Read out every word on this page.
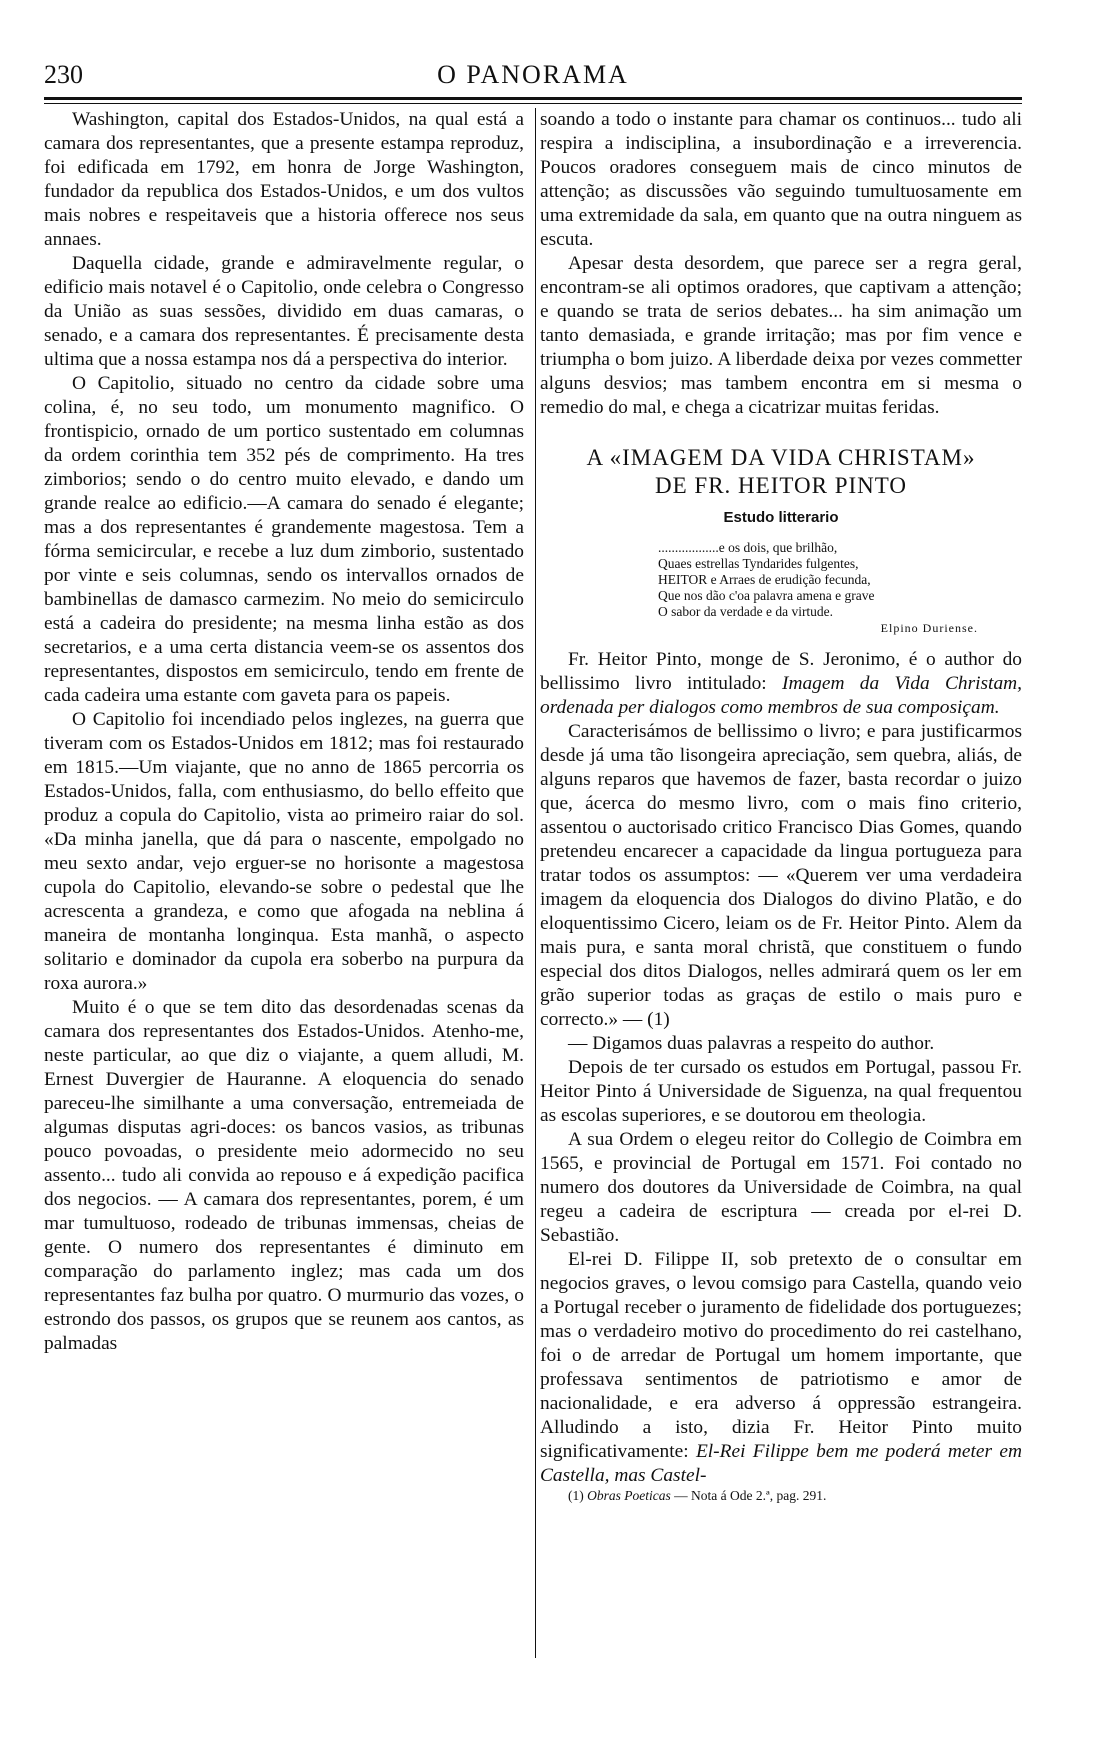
230	O PANORAMA

Washington, capital dos Estados-Unidos, na qual está a camara dos representantes, que a presente estampa reproduz, foi edificada em 1792, em honra de Jorge Washington, fundador da republica dos Estados-Unidos, e um dos vultos mais nobres e respeitaveis que a historia offerece nos seus annaes.

Daquella cidade, grande e admiravelmente regular, o edificio mais notavel é o Capitolio, onde celebra o Congresso da União as suas sessões, dividido em duas camaras, o senado, e a camara dos representantes. É precisamente desta ultima que a nossa estampa nos dá a perspectiva do interior.

O Capitolio, situado no centro da cidade sobre uma colina, é, no seu todo, um monumento magnifico. O frontispicio, ornado de um portico sustentado em columnas da ordem corinthia tem 352 pés de comprimento. Ha tres zimborios; sendo o do centro muito elevado, e dando um grande realce ao edificio.—A camara do senado é elegante; mas a dos representantes é grandemente magestosa. Tem a fórma semicircular, e recebe a luz dum zimborio, sustentado por vinte e seis columnas, sendo os intervallos ornados de bambinellas de damasco carmezim. No meio do semicirculo está a cadeira do presidente; na mesma linha estão as dos secretarios, e a uma certa distancia veem-se os assentos dos representantes, dispostos em semicirculo, tendo em frente de cada cadeira uma estante com gaveta para os papeis.

O Capitolio foi incendiado pelos inglezes, na guerra que tiveram com os Estados-Unidos em 1812; mas foi restaurado em 1815.—Um viajante, que no anno de 1865 percorria os Estados-Unidos, falla, com enthusiasmo, do bello effeito que produz a copula do Capitolio, vista ao primeiro raiar do sol. «Da minha janella, que dá para o nascente, empolgado no meu sexto andar, vejo erguer-se no horisonte a magestosa cupola do Capitolio, elevando-se sobre o pedestal que lhe acrescenta a grandeza, e como que afogada na neblina á maneira de montanha longinqua. Esta manhã, o aspecto solitario e dominador da cupola era soberbo na purpura da roxa aurora.»

Muito é o que se tem dito das desordenadas scenas da camara dos representantes dos Estados-Unidos. Atenho-me, neste particular, ao que diz o viajante, a quem alludi, M. Ernest Duvergier de Hauranne. A eloquencia do senado pareceu-lhe similhante a uma conversação, entremeiada de algumas disputas agri-doces: os bancos vasios, as tribunas pouco povoadas, o presidente meio adormecido no seu assento... tudo ali convida ao repouso e á expedição pacifica dos negocios. — A camara dos representantes, porem, é um mar tumultuoso, rodeado de tribunas immensas, cheias de gente. O numero dos representantes é diminuto em comparação do parlamento inglez; mas cada um dos representantes faz bulha por quatro. O murmurio das vozes, o estrondo dos passos, os grupos que se reunem aos cantos, as palmadas

soando a todo o instante para chamar os continuos... tudo ali respira a indisciplina, a insubordinação e a irreverencia. Poucos oradores conseguem mais de cinco minutos de attenção; as discussões vão seguindo tumultuosamente em uma extremidade da sala, em quanto que na outra ninguem as escuta.

Apesar desta desordem, que parece ser a regra geral, encontram-se ali optimos oradores, que captivam a attenção; e quando se trata de serios debates... ha sim animação um tanto demasiada, e grande irritação; mas por fim vence e triumpha o bom juizo. A liberdade deixa por vezes commetter alguns desvios; mas tambem encontra em si mesma o remedio do mal, e chega a cicatrizar muitas feridas.

A «IMAGEM DA VIDA CHRISTAM»
DE FR. HEITOR PINTO
Estudo litterario
..................e os dois, que brilhão,
Quaes estrellas Tyndarides fulgentes,
HEITOR e Arraes de erudição fecunda,
Que nos dão c'oa palavra amena e grave
O sabor da verdade e da virtude.
Elpino Duriense.

Fr. Heitor Pinto, monge de S. Jeronimo, é o author do bellissimo livro intitulado: Imagem da Vida Christam, ordenada per dialogos como membros de sua composiçam.

Caracterisámos de bellissimo o livro; e para justificarmos desde já uma tão lisongeira apreciação, sem quebra, aliás, de alguns reparos que havemos de fazer, basta recordar o juizo que, ácerca do mesmo livro, com o mais fino criterio, assentou o auctorisado critico Francisco Dias Gomes, quando pretendeu encarecer a capacidade da lingua portugueza para tratar todos os assumptos: — «Querem ver uma verdadeira imagem da eloquencia dos Dialogos do divino Platão, e do eloquentissimo Cicero, leiam os de Fr. Heitor Pinto. Alem da mais pura, e santa moral christã, que constituem o fundo especial dos ditos Dialogos, nelles admirará quem os ler em grão superior todas as graças de estilo o mais puro e correcto.» — (1)

— Digamos duas palavras a respeito do author.

Depois de ter cursado os estudos em Portugal, passou Fr. Heitor Pinto á Universidade de Siguenza, na qual frequentou as escolas superiores, e se doutorou em theologia.

A sua Ordem o elegeu reitor do Collegio de Coimbra em 1565, e provincial de Portugal em 1571. Foi contado no numero dos doutores da Universidade de Coimbra, na qual regeu a cadeira de escriptura — creada por el-rei D. Sebastião.

El-rei D. Filippe II, sob pretexto de o consultar em negocios graves, o levou comsigo para Castella, quando veio a Portugal receber o juramento de fidelidade dos portuguezes; mas o verdadeiro motivo do procedimento do rei castelhano, foi o de arredar de Portugal um homem importante, que professava sentimentos de patriotismo e amor de nacionalidade, e era adverso á oppressão estrangeira. Alludindo a isto, dizia Fr. Heitor Pinto muito significativamente: El-Rei Filippe bem me poderá meter em Castella, mas Castel-

(1) Obras Poeticas — Nota á Ode 2.ª, pag. 291.
